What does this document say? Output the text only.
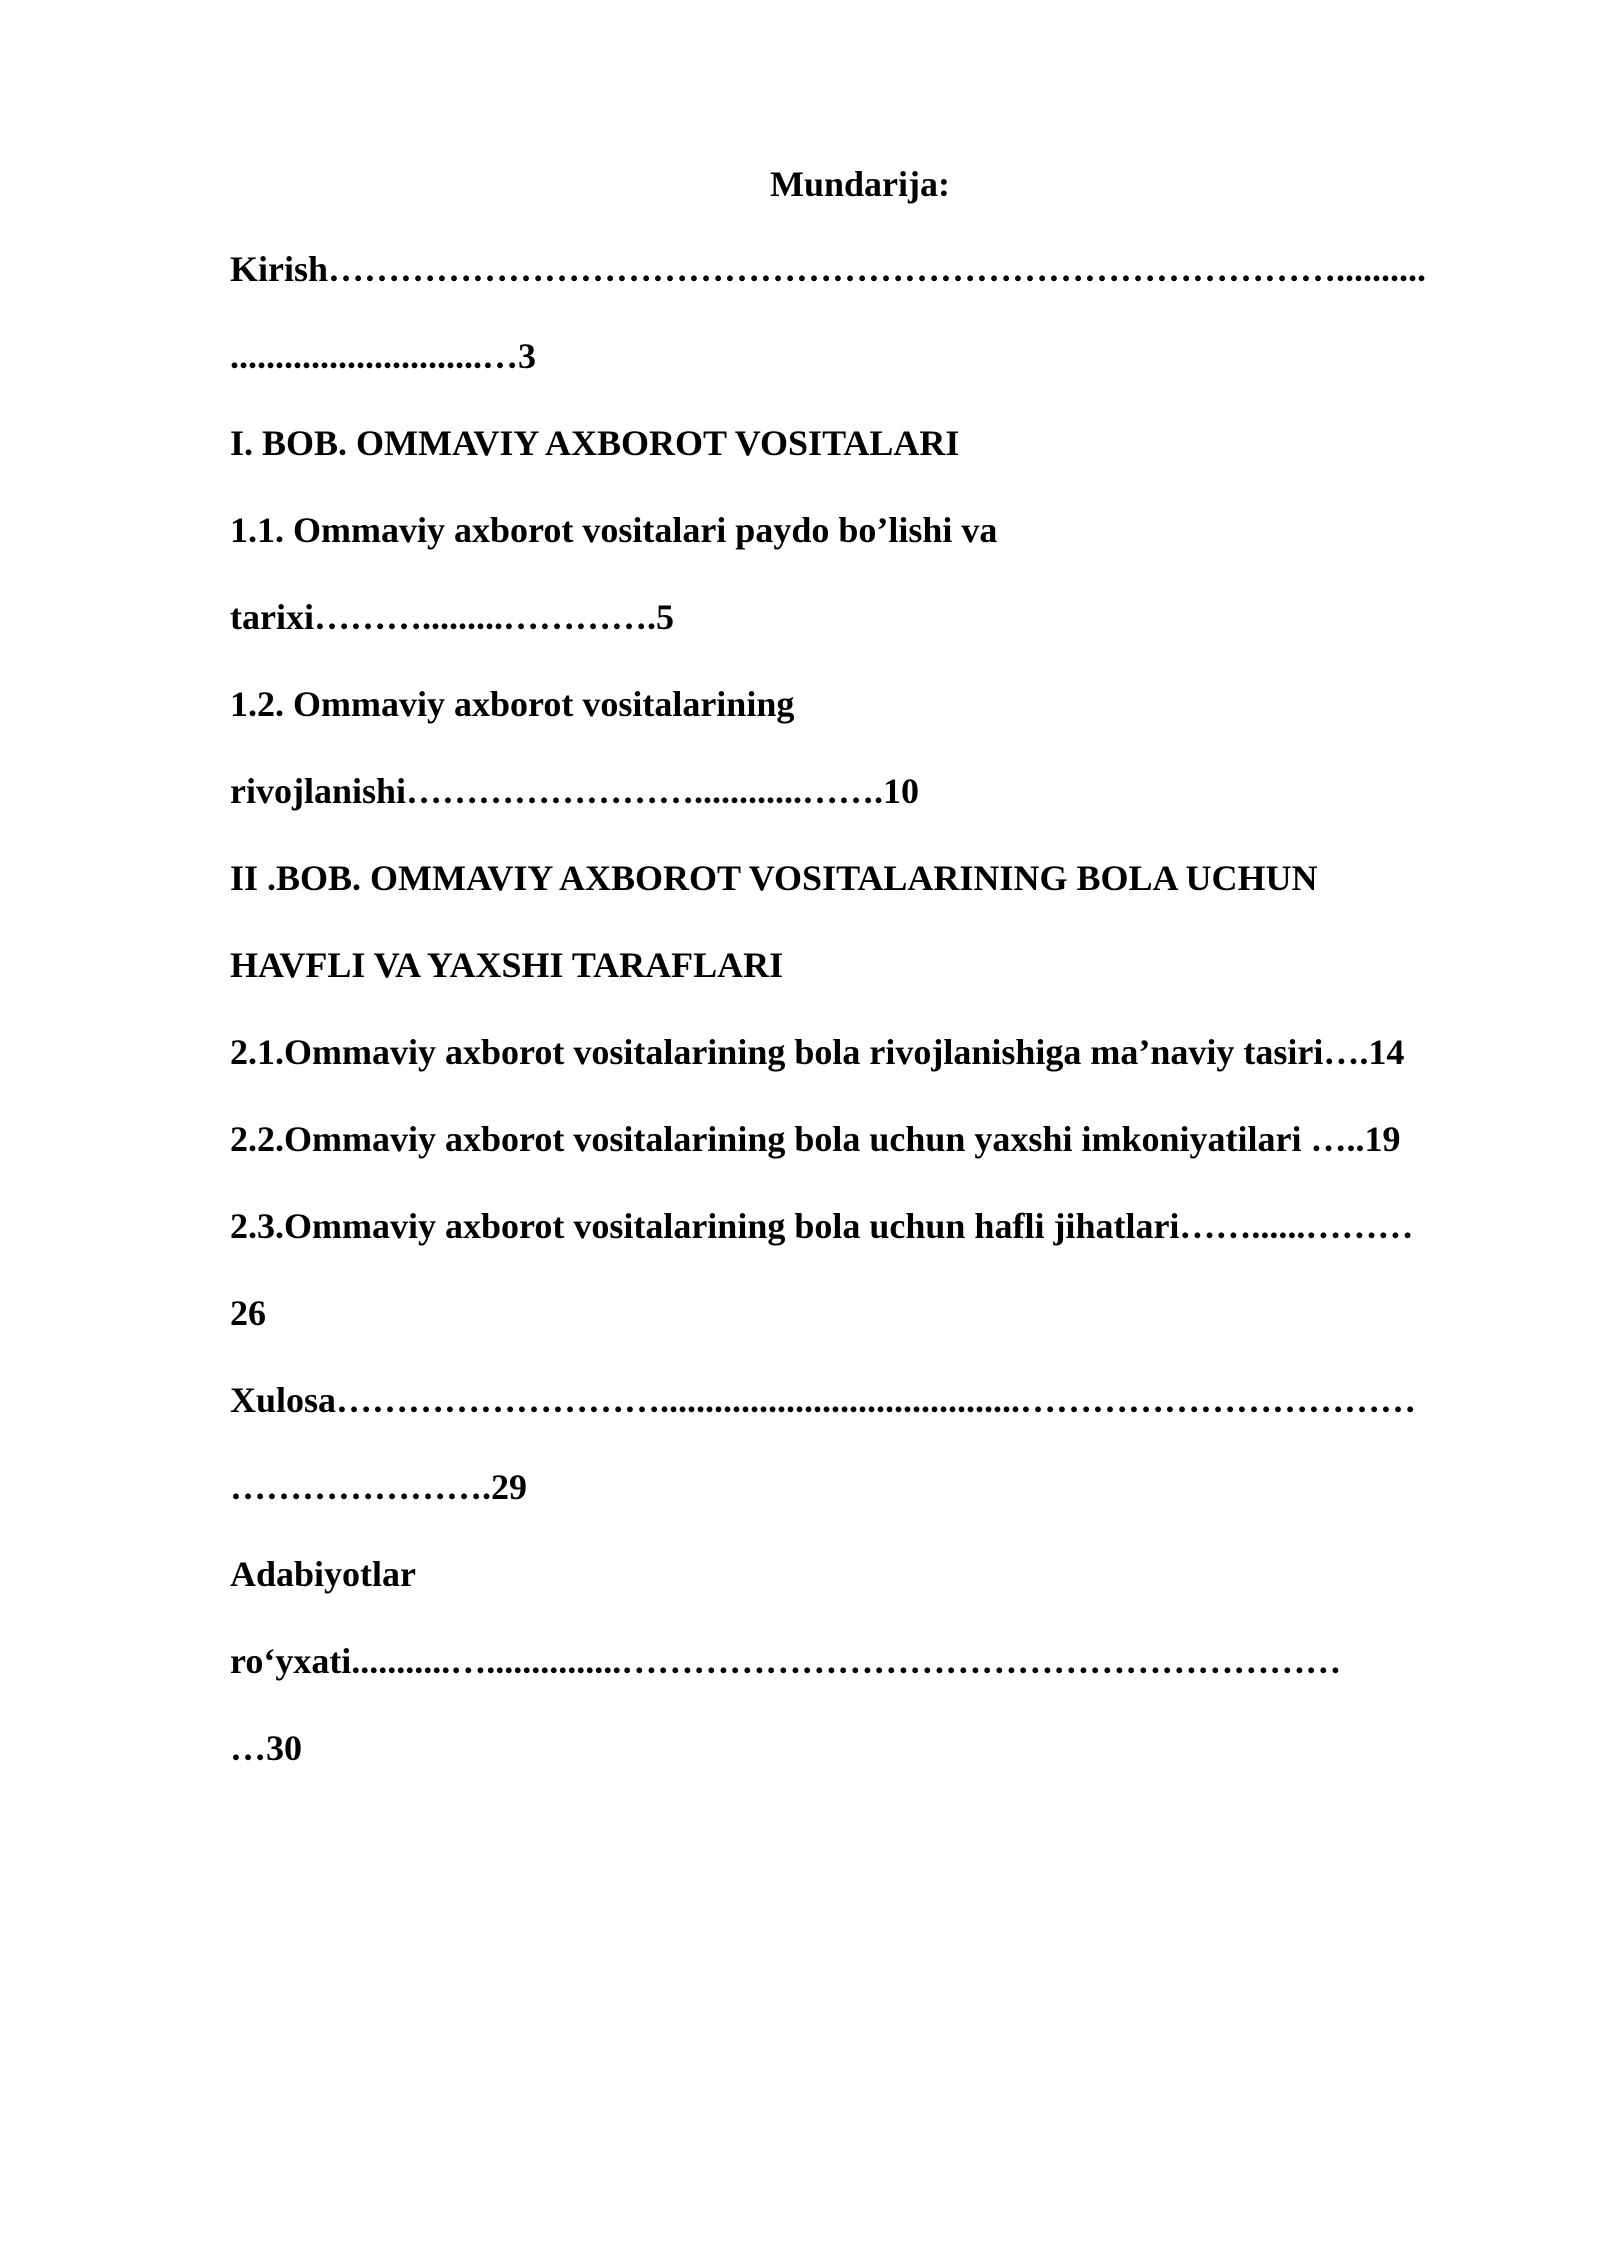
Mundarija:
Kirish…………………………………………………………………………..........
............................…3
I. BOB. OMMAVIY AXBOROT VOSITALARI
1.1. Ommaviy axborot vositalari paydo bo’lishi va
tarixi……….........………….5
1.2. Ommaviy axborot vositalarining
rivojlanishi……………………............…….10
II .BOB. OMMAVIY AXBOROT VOSITALARINING BOLA UCHUN
HAVFLI VA YAXSHI TARAFLARI
2.1.Ommaviy axborot vositalarining bola rivojlanishiga ma’naviy tasiri….14
2.2.Ommaviy axborot vositalarining bola uchun yaxshi imkoniyatilari …..19
2.3.Ommaviy axborot vositalarining bola uchun hafli jihatlari……......………
26
Xulosa………………………........................................……………………………
………………….29
Adabiyotlar
ro‘yxati...........…...............……………………………………………………
…30
